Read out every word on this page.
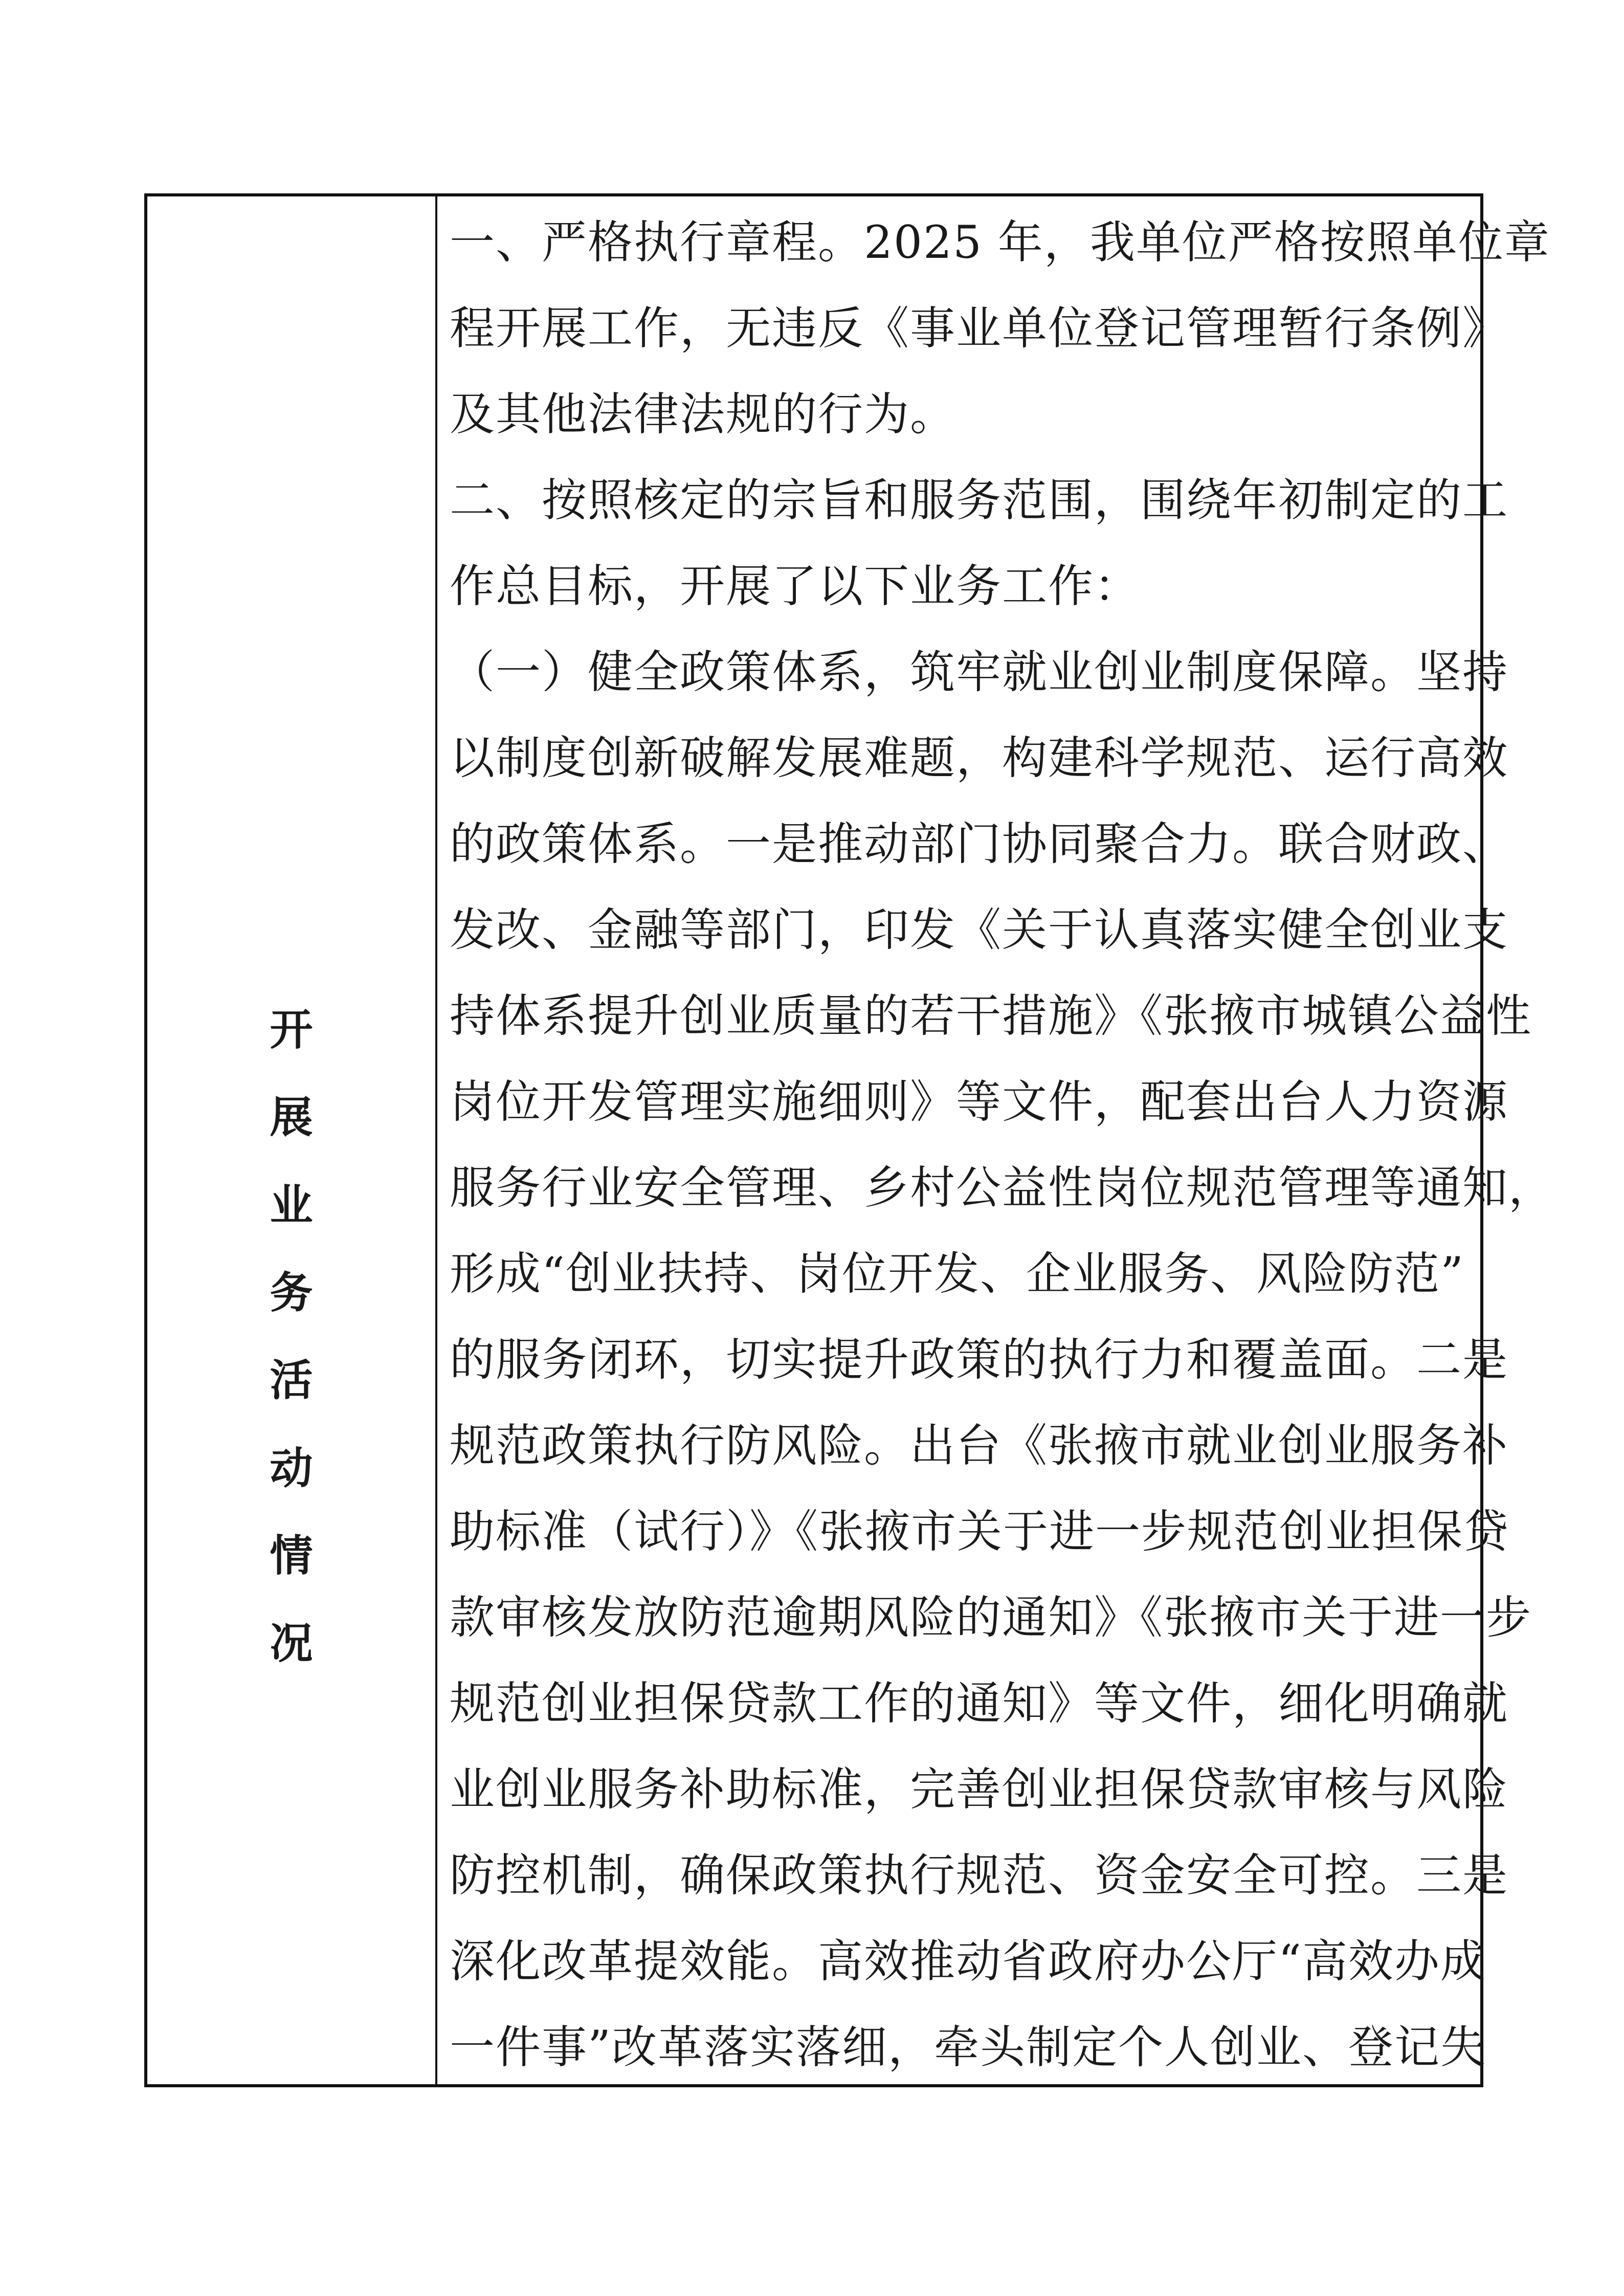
开
展
业
务
活
动
情
况
一、严格执行章程。2025 年，我单位严格按照单位章
程开展工作，无违反《事业单位登记管理暂行条例》
及其他法律法规的行为。
二、按照核定的宗旨和服务范围，围绕年初制定的工
作总目标，开展了以下业务工作：
（一）健全政策体系，筑牢就业创业制度保障。坚持
以制度创新破解发展难题，构建科学规范、运行高效
的政策体系。一是推动部门协同聚合力。联合财政、
发改、金融等部门，印发《关于认真落实健全创业支
持体系提升创业质量的若干措施》《张掖市城镇公益性
岗位开发管理实施细则》等文件，配套出台人力资源
服务行业安全管理、乡村公益性岗位规范管理等通知，
形成“创业扶持、岗位开发、企业服务、风险防范”
的服务闭环，切实提升政策的执行力和覆盖面。二是
规范政策执行防风险。出台《张掖市就业创业服务补
助标准（试行）》《张掖市关于进一步规范创业担保贷
款审核发放防范逾期风险的通知》《张掖市关于进一步
规范创业担保贷款工作的通知》等文件，细化明确就
业创业服务补助标准，完善创业担保贷款审核与风险
防控机制，确保政策执行规范、资金安全可控。三是
深化改革提效能。高效推动省政府办公厅“高效办成
一件事”改革落实落细，牵头制定个人创业、登记失
